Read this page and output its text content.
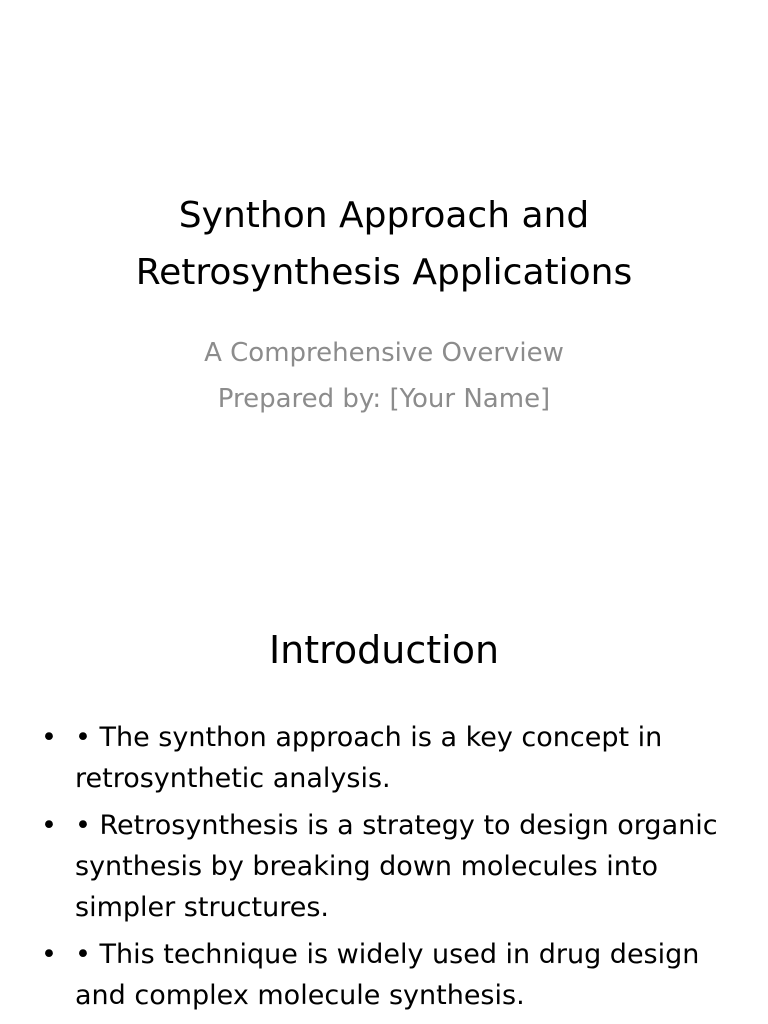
Synthon Approach and
Retrosynthesis Applications
A Comprehensive Overview
Prepared by: [Your Name]
Introduction
• • The synthon approach is a key concept in retrosynthetic analysis.
• • Retrosynthesis is a strategy to design organic synthesis by breaking down molecules into simpler structures.
• • This technique is widely used in drug design and complex molecule synthesis.
